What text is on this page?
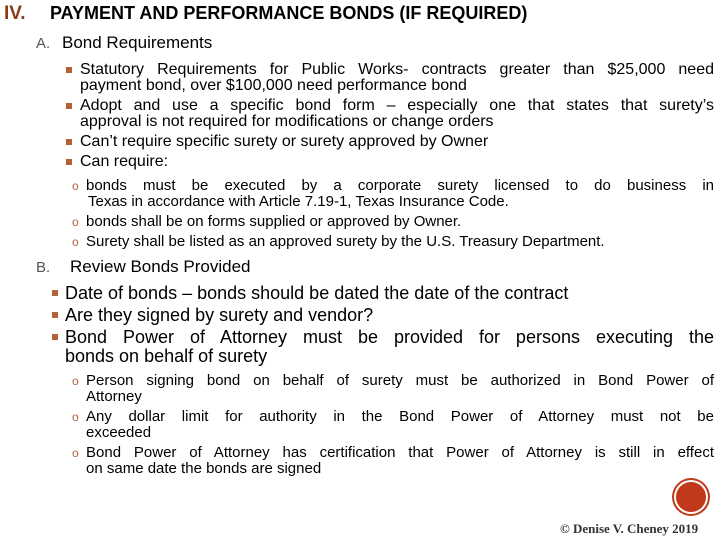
IV. PAYMENT AND PERFORMANCE BONDS (IF REQUIRED)
A. Bond Requirements
Statutory Requirements for Public Works- contracts greater than $25,000 need
payment bond, over $100,000 need performance bond
Adopt and use a specific bond form – especially one that states that surety’s
approval is not required for modifications or change orders
Can’t require specific surety or surety approved by Owner
Can require:
o bonds must be executed by a corporate surety licensed to do business in
Texas in accordance with Article 7.19-1, Texas Insurance Code.
o bonds shall be on forms supplied or approved by Owner.
o Surety shall be listed as an approved surety by the U.S. Treasury Department.
B. Review Bonds Provided
Date of bonds – bonds should be dated the date of the contract
Are they signed by surety and vendor?
Bond Power of Attorney must be provided for persons executing the
bonds on behalf of surety
o Person signing bond on behalf of surety must be authorized in Bond Power of
Attorney
o Any dollar limit for authority in the Bond Power of Attorney must not be
exceeded
o Bond Power of Attorney has certification that Power of Attorney is still in effect
on same date the bonds are signed
© Denise V. Cheney 2019
